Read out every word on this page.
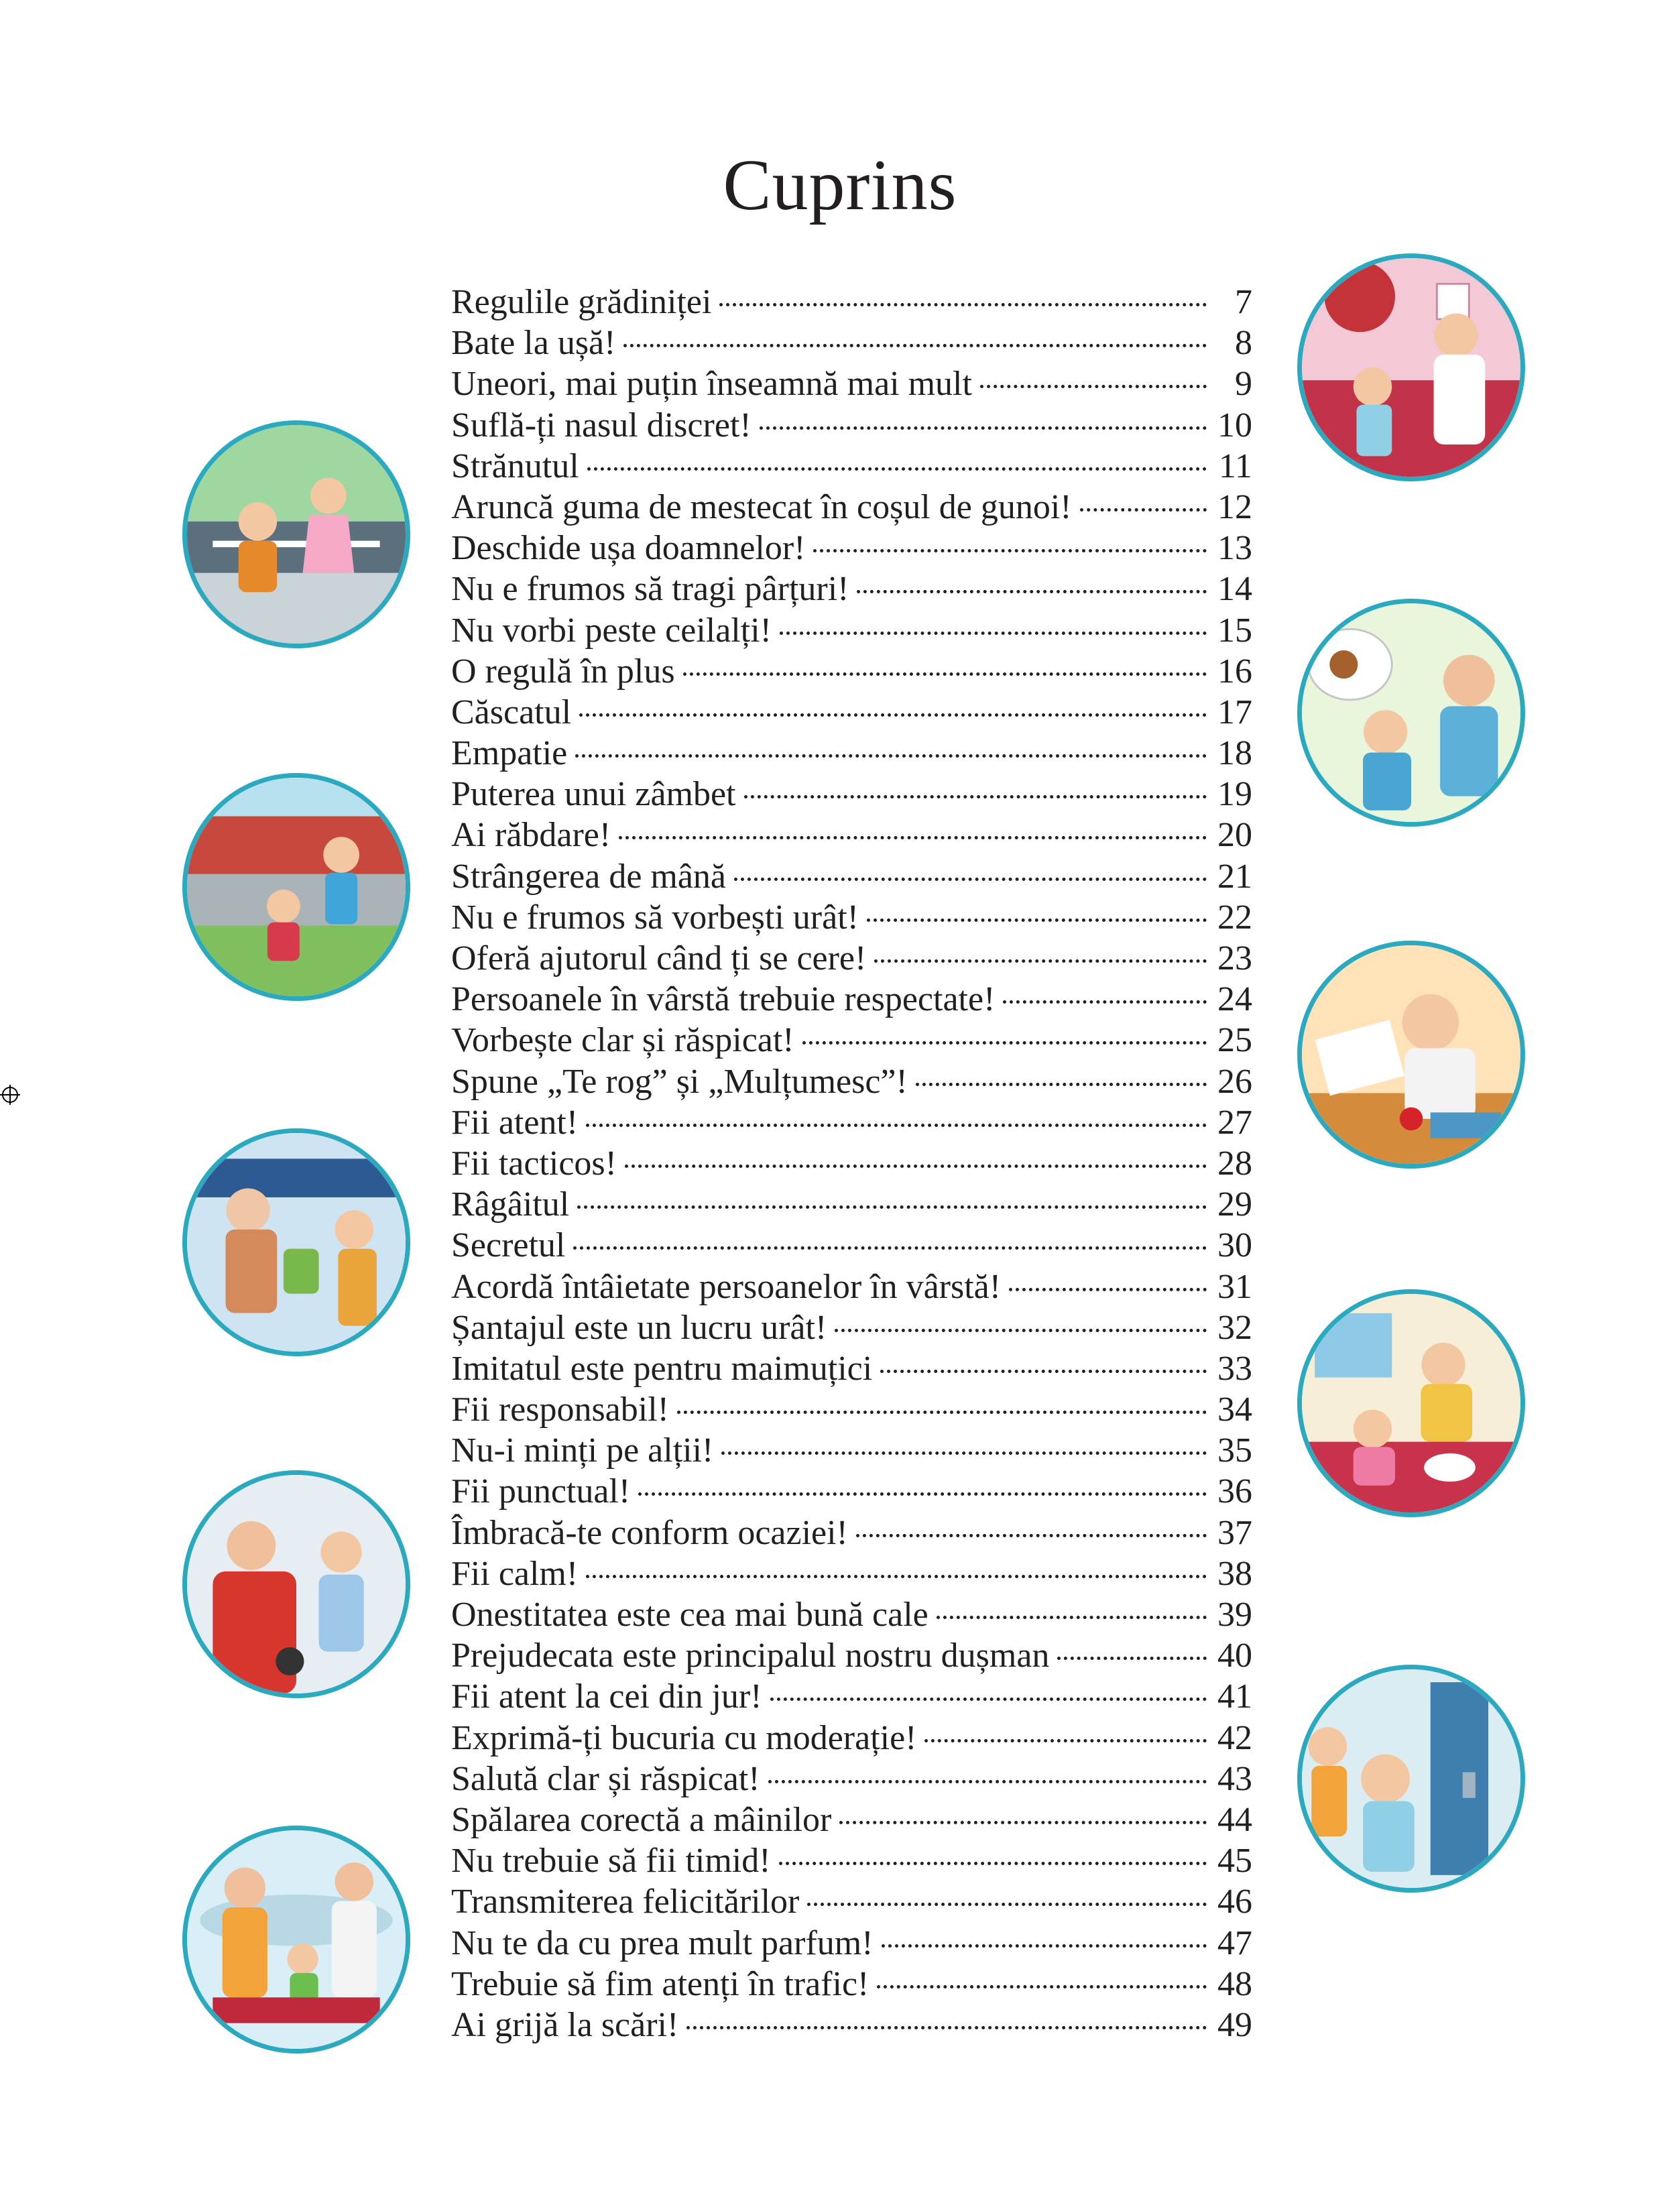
Cuprins
Regulile grădiniței	7
Bate la ușă!	8
Uneori, mai puțin înseamnă mai mult	9
Suflă-ți nasul discret!	10
Strănutul	11
Aruncă guma de mestecat în coșul de gunoi!	12
Deschide ușa doamnelor!	13
Nu e frumos să tragi pârțuri!	14
Nu vorbi peste ceilalți!	15
O regulă în plus	16
Căscatul	17
Empatie	18
Puterea unui zâmbet	19
Ai răbdare!	20
Strângerea de mână	21
Nu e frumos să vorbești urât!	22
Oferă ajutorul când ți se cere!	23
Persoanele în vârstă trebuie respectate!	24
Vorbește clar și răspicat!	25
Spune „Te rog” și „Mulțumesc”!	26
Fii atent!	27
Fii tacticos!	28
Râgâitul	29
Secretul	30
Acordă întâietate persoanelor în vârstă!	31
Șantajul este un lucru urât!	32
Imitatul este pentru maimuțici	33
Fii responsabil!	34
Nu-i minți pe alții!	35
Fii punctual!	36
Îmbracă-te conform ocaziei!	37
Fii calm!	38
Onestitatea este cea mai bună cale	39
Prejudecata este principalul nostru dușman	40
Fii atent la cei din jur!	41
Exprimă-ți bucuria cu moderație!	42
Salută clar și răspicat!	43
Spălarea corectă a mâinilor	44
Nu trebuie să fii timid!	45
Transmiterea felicitărilor	46
Nu te da cu prea mult parfum!	47
Trebuie să fim atenți în trafic!	48
Ai grijă la scări!	49
